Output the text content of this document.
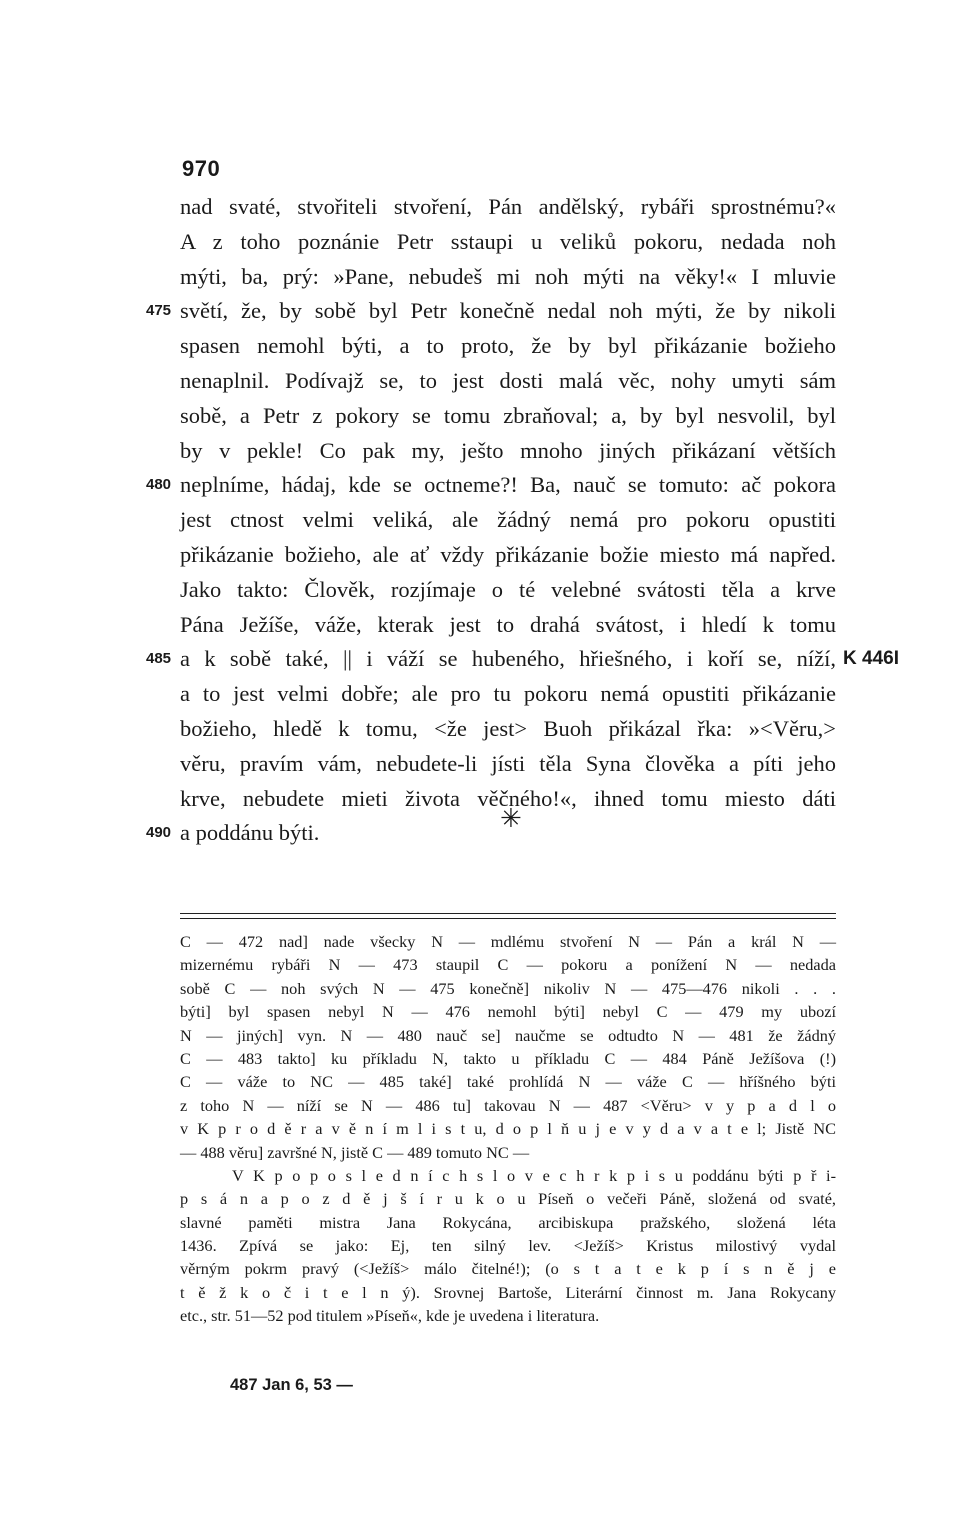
970
nad svaté, stvořiteli stvoření, Pán andělský, rybáři sprostnému?«
A z toho poznánie Petr sstaupi u veliků pokoru, nedada noh
mýti, ba, prý: »Pane, nebudeš mi noh mýti na věky!« I mluvie
475 světí, že, by sobě byl Petr konečně nedal noh mýti, že by nikoli
spasen nemohl býti, a to proto, že by byl přikázanie božieho
nenaplnil. Podívajž se, to jest dosti malá věc, nohy umyti sám
sobě, a Petr z pokory se tomu zbraňoval; a, by byl nesvolil, byl
by v pekle! Co pak my, ješto mnoho jiných přikázaní větších
480 neplníme, hádaj, kde se octneme?! Ba, nauč se tomuto: ač pokora
jest ctnost velmi veliká, ale žádný nemá pro pokoru opustiti
přikázanie božieho, ale ať vždy přikázanie božie miesto má napřed.
Jako takto: Člověk, rozjímaje o té velebné svátosti těla a krve
Pána Ježíše, váže, kterak jest to drahá svátost, i hledí k tomu
485 a k sobě také, || i váží se hubeného, hřiešného, i koří se, níží, K 446I
a to jest velmi dobře; ale pro tu pokoru nemá opustiti přikázanie
božieho, hledě k tomu, <že jest> Buoh přikázal řka: »<Věru,>
věru, pravím vám, nebudete-li jísti těla Syna člověka a píti jeho
krve, nebudete mieti života věčného!«, ihned tomu miesto dáti
490 a poddánu býti.	✳
C — 472 nad] nade všecky N — mdlému stvoření N — Pán a král N —
mizernému rybáři N — 473 staupil C — pokoru a ponížení N — nedada
sobě C — noh svých N — 475 konečně] nikoliv N — 475—476 nikoli . . .
býti] byl spasen nebyl N — 476 nemohl býti] nebyl C — 479 my ubozí
N — jiných] vyn. N — 480 nauč se] naučme se odtudto N — 481 že žádný
C — 483 takto] ku příkladu N, takto u příkladu C — 484 Páně Ježíšova (!)
C — váže to NC — 485 také] také prohlídá N — váže C — hříšného býti
z toho N — níží se N — 486 tu] takovau N — 487 <Věru> v y p a d l o
v K p r o d ě r a v ě n í m l i s t u, d o p l ň u j e v y d a v a t e l; Jistě NC
— 488 věru] završné N, jistě C — 489 tomuto NC —
V K p o p o s l e d n í c h s l o v e c h r k p i s u poddánu býti p ř i-
p s á n a p o z d ě j š í r u k o u Píseň o večeři Páně, složená od svaté,
slavné paměti mistra Jana Rokycána, arcibiskupa pražského, složená léta
1436. Zpívá se jako: Ej, ten silný lev. <Ježíš> Kristus milostivý vydal
věrným pokrm pravý (<Ježíš> málo čitelné!); (o s t a t e k p í s n ě j e
t ě ž k o č i t e l n ý). Srovnej Bartoše, Literární činnost m. Jana Rokycany
etc., str. 51—52 pod titulem »Píseň«, kde je uvedena i literatura.
487 Jan 6, 53 —
